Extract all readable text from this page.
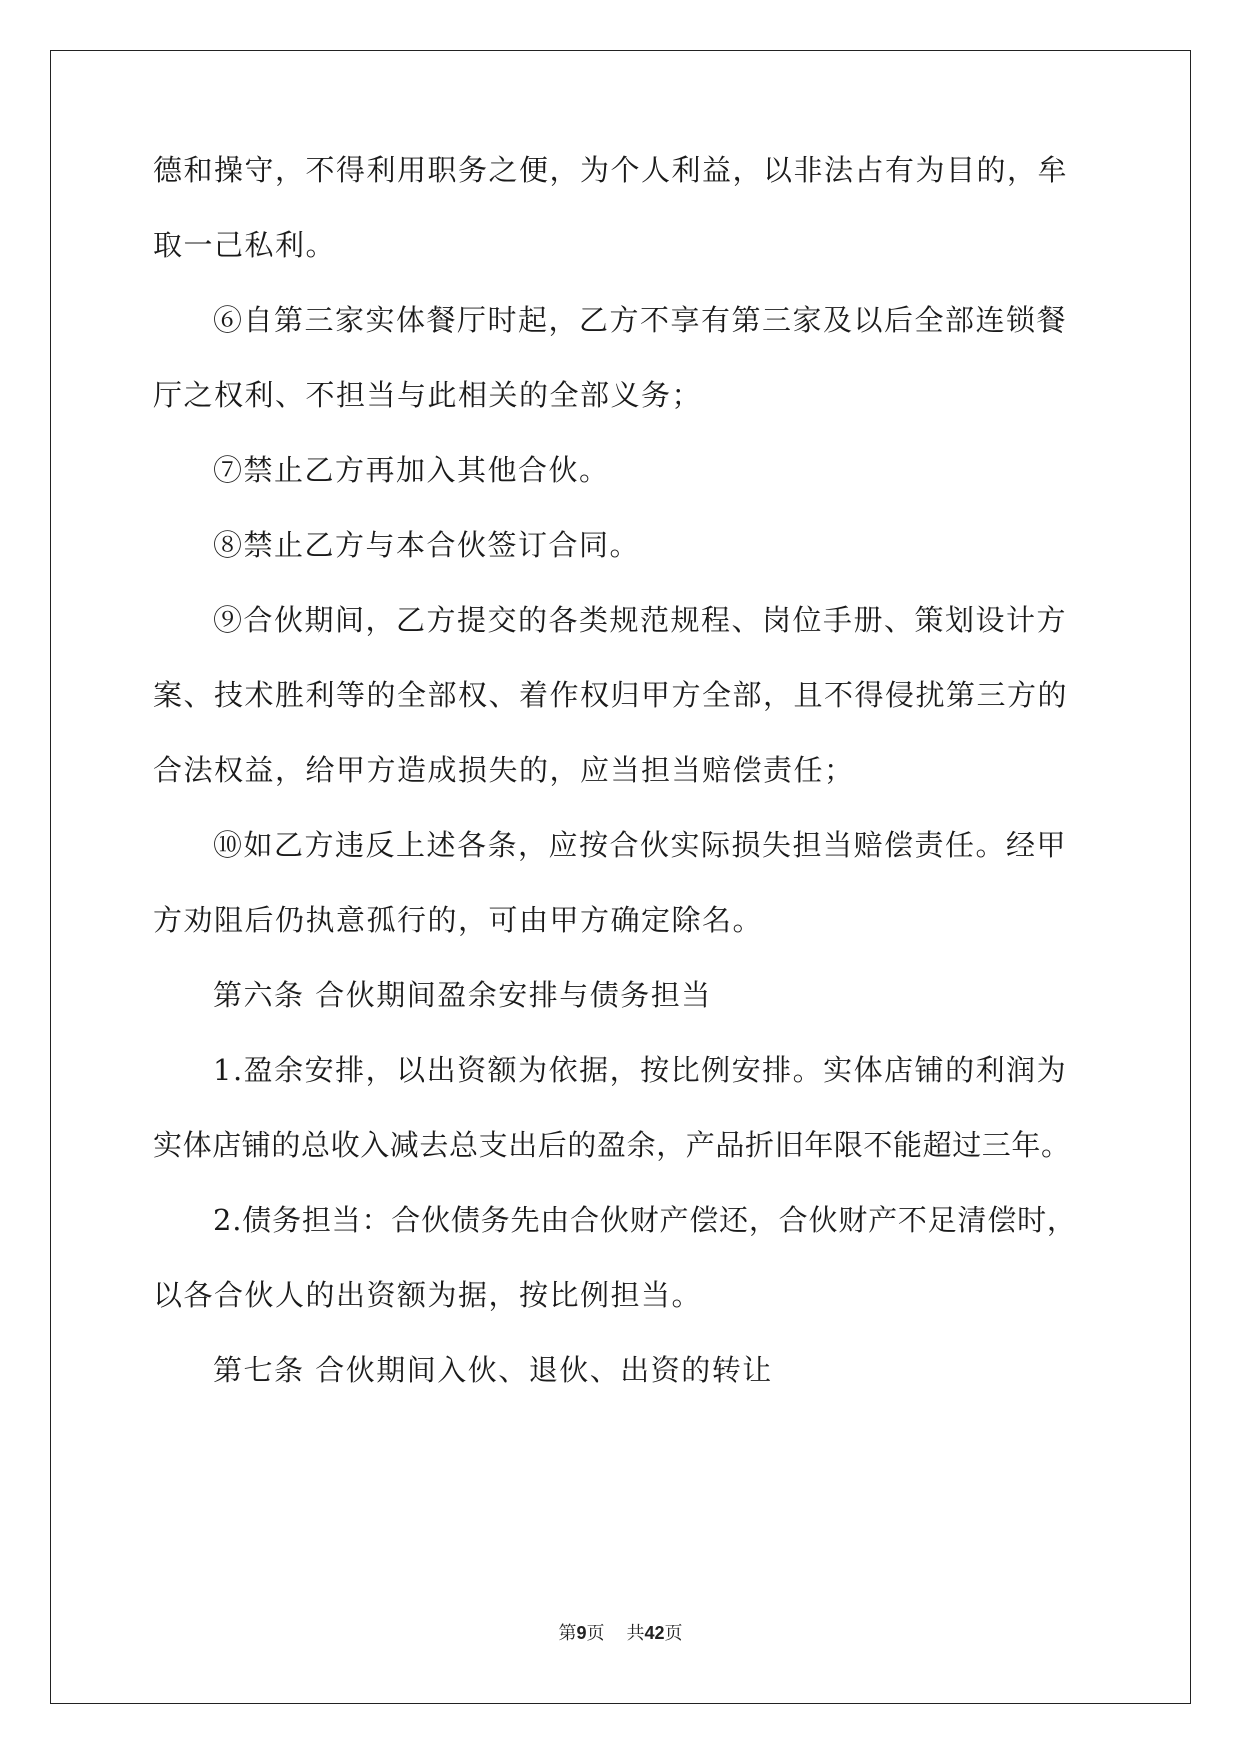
德和操守，不得利用职务之便，为个人利益，以非法占有为目的，牟
取一己私利。
⑥自第三家实体餐厅时起，乙方不享有第三家及以后全部连锁餐
厅之权利、不担当与此相关的全部义务；
⑦禁止乙方再加入其他合伙。
⑧禁止乙方与本合伙签订合同。
⑨合伙期间，乙方提交的各类规范规程、岗位手册、策划设计方
案、技术胜利等的全部权、着作权归甲方全部，且不得侵扰第三方的
合法权益，给甲方造成损失的，应当担当赔偿责任；
⑩如乙方违反上述各条，应按合伙实际损失担当赔偿责任。经甲
方劝阻后仍执意孤行的，可由甲方确定除名。
第六条 合伙期间盈余安排与债务担当
1.盈余安排，以出资额为依据，按比例安排。实体店铺的利润为
实体店铺的总收入减去总支出后的盈余，产品折旧年限不能超过三年。
2.债务担当：合伙债务先由合伙财产偿还，合伙财产不足清偿时，
以各合伙人的出资额为据，按比例担当。
第七条 合伙期间入伙、退伙、出资的转让
第9页 共42页
